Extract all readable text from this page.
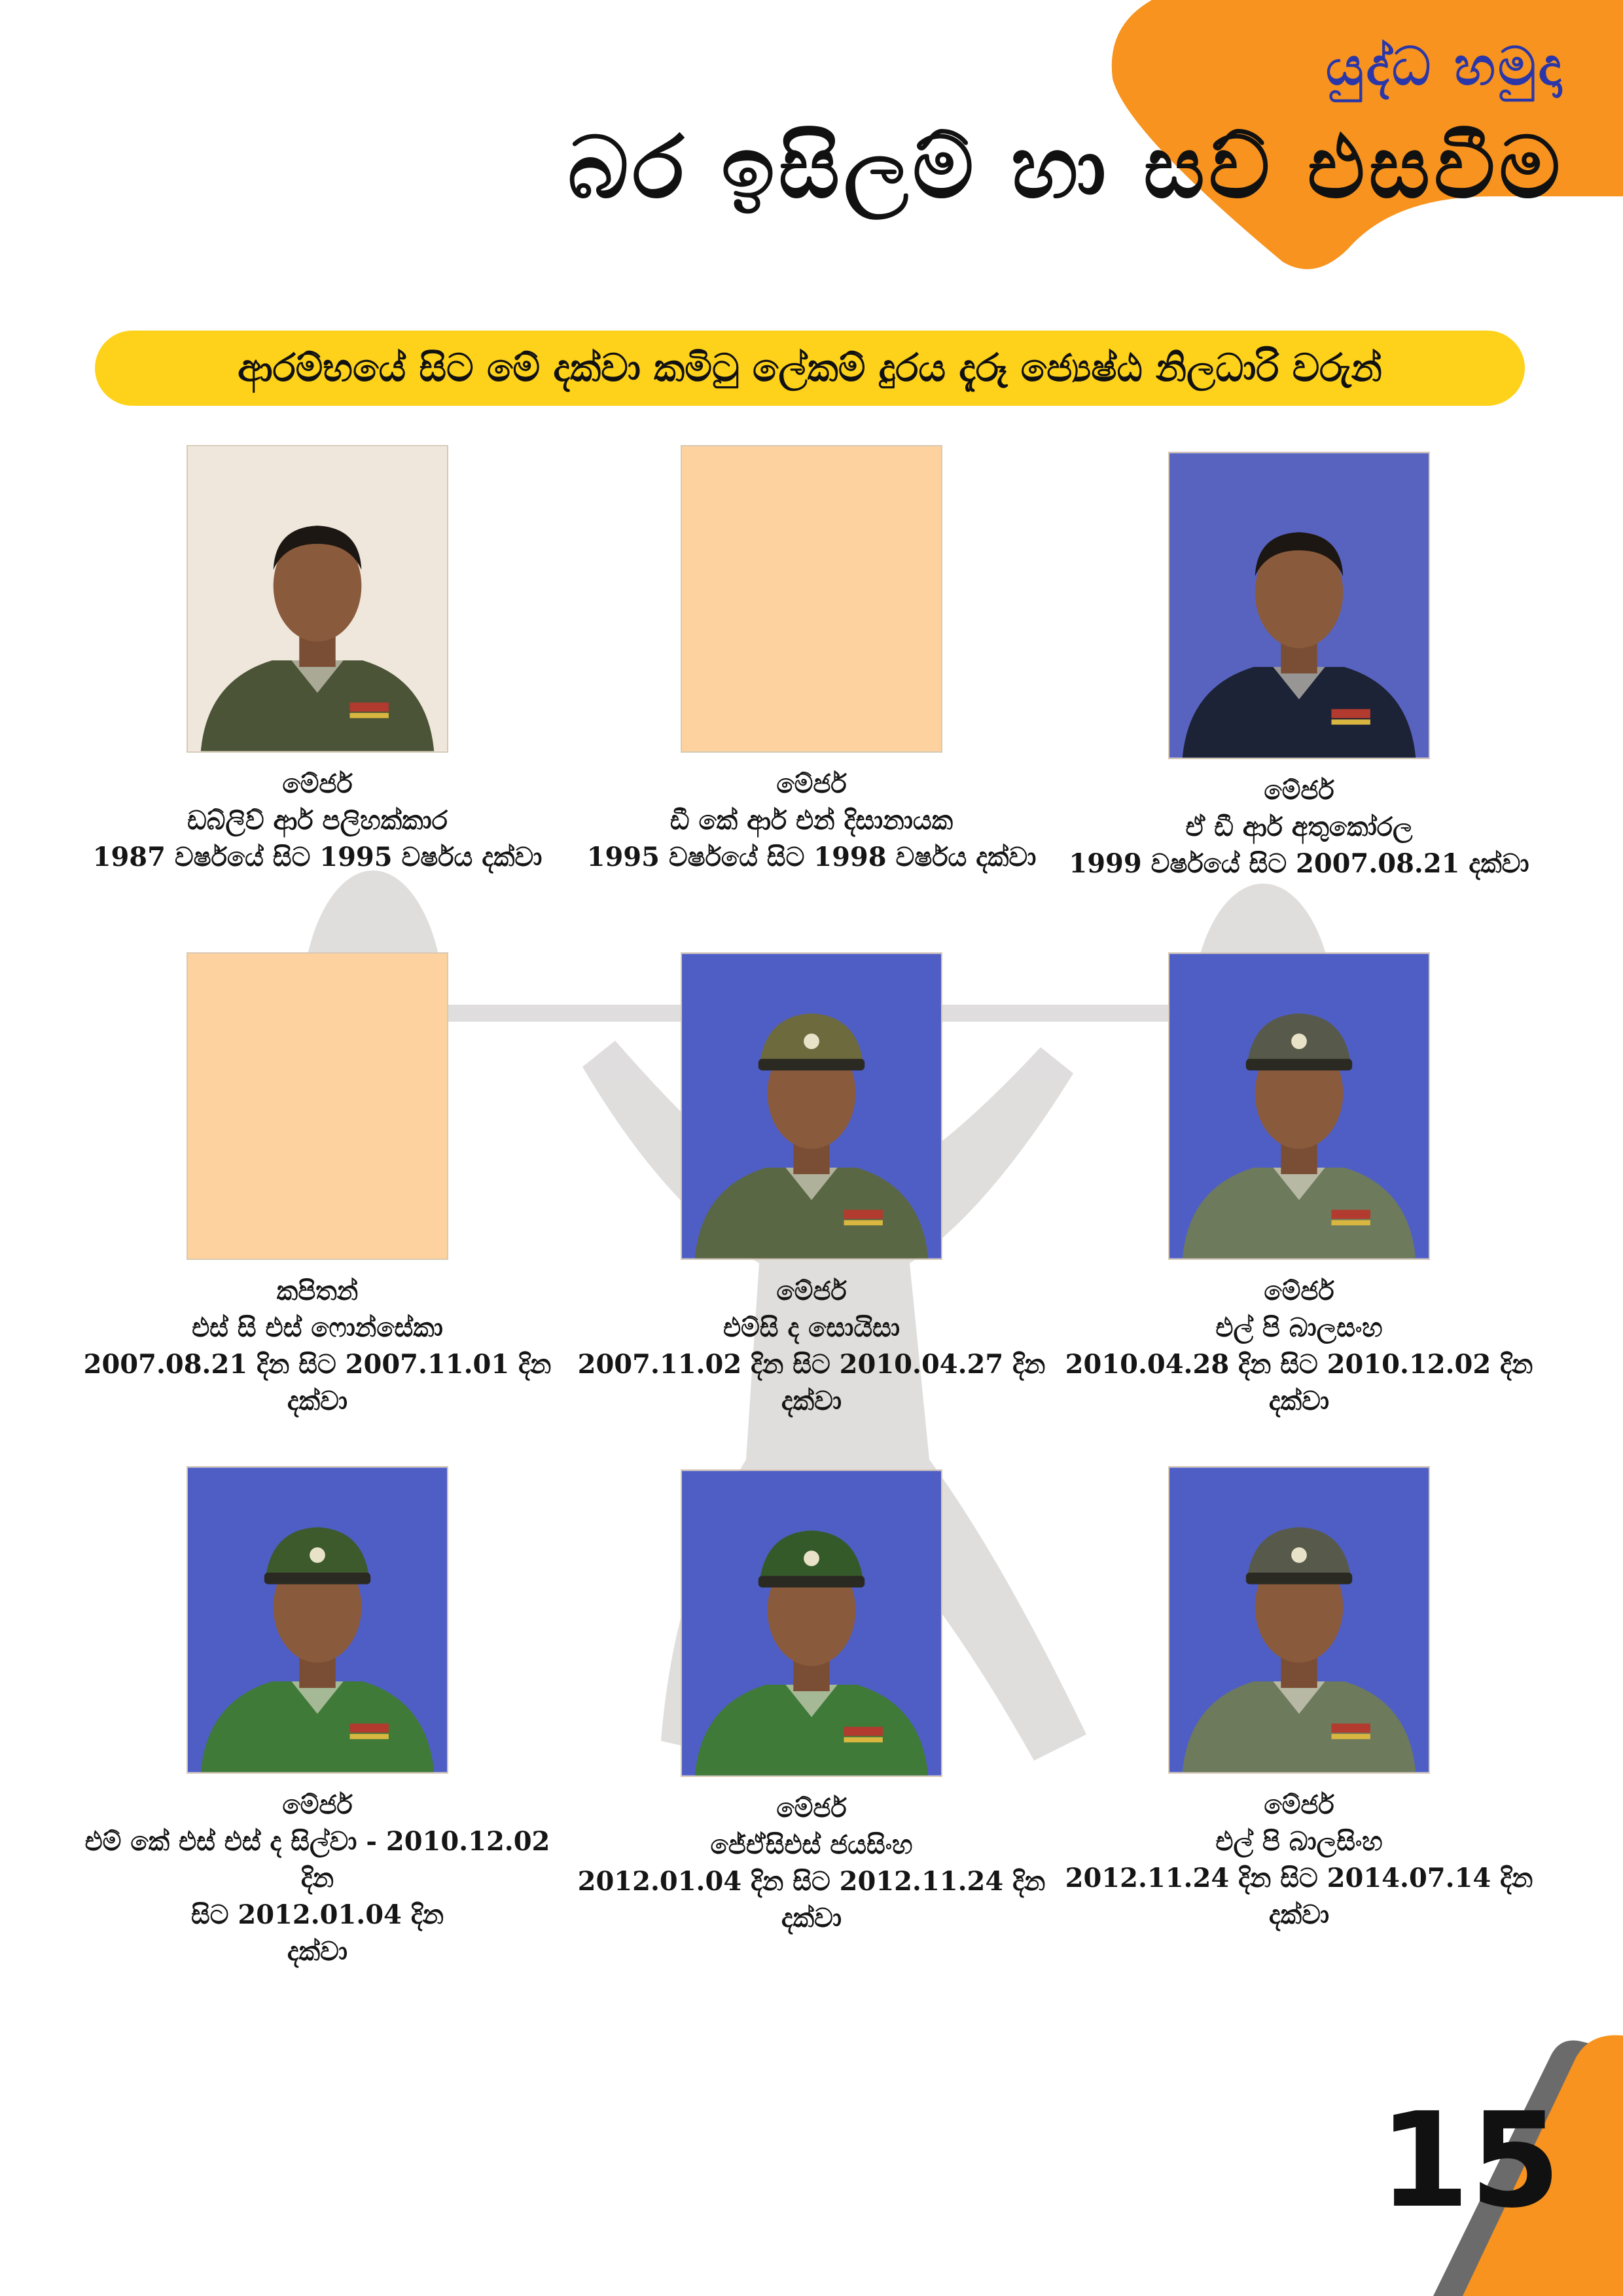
යුද්ධ හමුදා
බර ඉසිලම් හා සව් එසවීම
ආරම්භයේ සිට මේ දක්වා කමිටු ලේකම් දුරය දැරූ ජ්‍යෙෂ්ඨ නිලධාරි වරුන්
මේජර්
ඩබ්ලිව් ආර් පලිහක්කාර
1987 වර්ෂයේ සිට 1995 වර්ෂය දක්වා
මේජර්
ඩී කේ ආර් එන් දිසානායක
1995 වර්ෂයේ සිට 1998 වර්ෂය දක්වා
මේජර්
ඒ ඩී ආර් අතුකෝරල
1999 වර්ෂයේ සිට 2007.08.21 දක්වා
කපිතන්
එස් සි එස් ෆොන්සේකා
2007.08.21 දින සිට 2007.11.01 දින
දක්වා
මේජර්
එම්සි ද සොයිසා
2007.11.02 දින සිට 2010.04.27 දින
දක්වා
මේජර්
එල් පි බාලසංහ
2010.04.28 දින සිට 2010.12.02 දින
දක්වා
මේජර්
එම් කේ එස් එස් ද සිල්වා - 2010.12.02 දින
සිට 2012.01.04 දින
දක්වා
මේජර්
ජේඒසිඑස් ජයසිංහ
2012.01.04 දින සිට 2012.11.24 දින
දක්වා
මේජර්
එල් පි බාලසිංහ
2012.11.24 දින සිට 2014.07.14 දින
දක්වා
15
